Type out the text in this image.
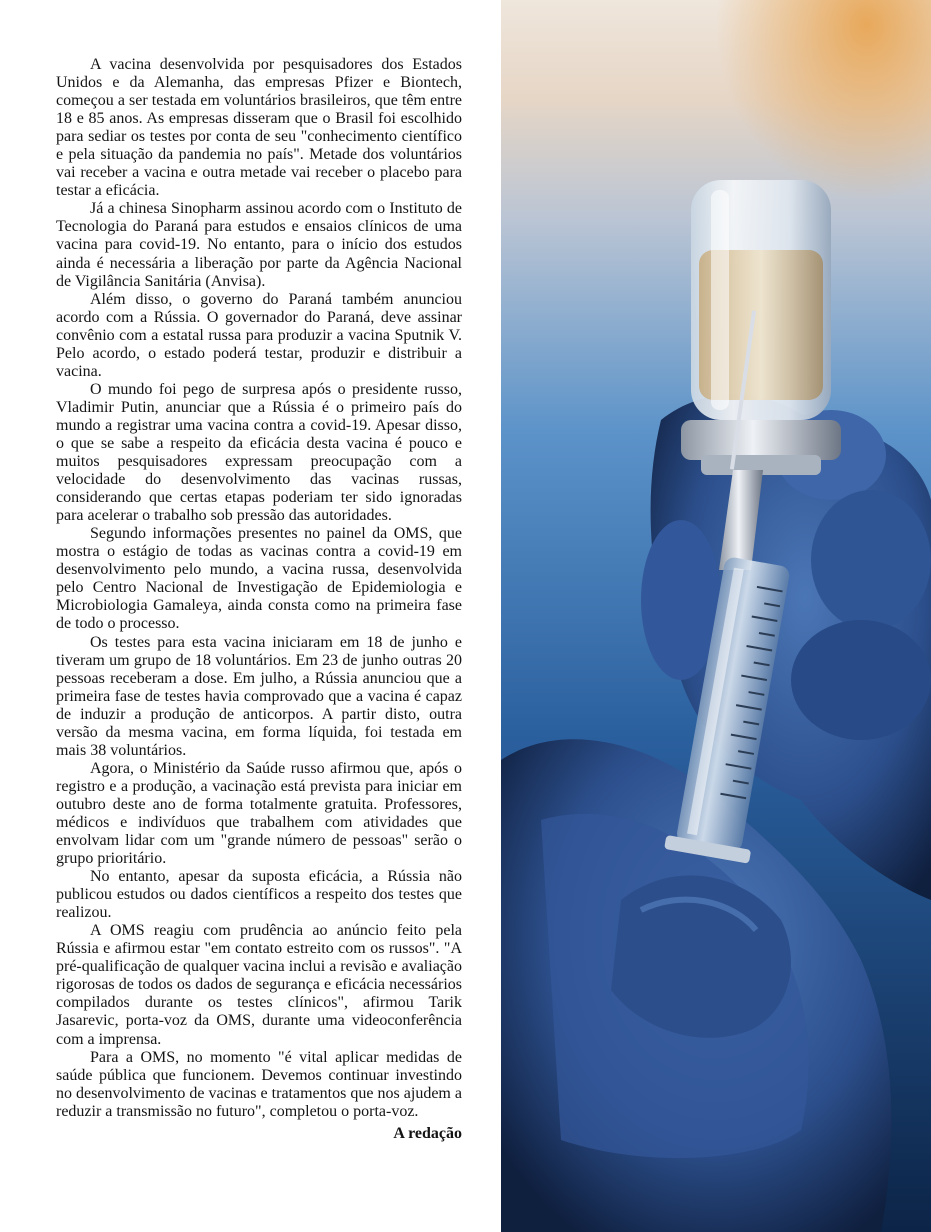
A vacina desenvolvida por pesquisadores dos Estados Unidos e da Alemanha, das empresas Pfizer e Biontech, começou a ser testada em voluntários brasileiros, que têm entre 18 e 85 anos. As empresas disseram que o Brasil foi escolhido para sediar os testes por conta de seu "conhecimento científico e pela situação da pandemia no país". Metade dos voluntários vai receber a vacina e outra metade vai receber o placebo para testar a eficácia.

Já a chinesa Sinopharm assinou acordo com o Instituto de Tecnologia do Paraná para estudos e ensaios clínicos de uma vacina para covid-19. No entanto, para o início dos estudos ainda é necessária a liberação por parte da Agência Nacional de Vigilância Sanitária (Anvisa).

Além disso, o governo do Paraná também anunciou acordo com a Rússia. O governador do Paraná, deve assinar convênio com a estatal russa para produzir a vacina Sputnik V. Pelo acordo, o estado poderá testar, produzir e distribuir a vacina.

O mundo foi pego de surpresa após o presidente russo, Vladimir Putin, anunciar que a Rússia é o primeiro país do mundo a registrar uma vacina contra a covid-19. Apesar disso, o que se sabe a respeito da eficácia desta vacina é pouco e muitos pesquisadores expressam preocupação com a velocidade do desenvolvimento das vacinas russas, considerando que certas etapas poderiam ter sido ignoradas para acelerar o trabalho sob pressão das autoridades.

Segundo informações presentes no painel da OMS, que mostra o estágio de todas as vacinas contra a covid-19 em desenvolvimento pelo mundo, a vacina russa, desenvolvida pelo Centro Nacional de Investigação de Epidemiologia e Microbiologia Gamaleya, ainda consta como na primeira fase de todo o processo.

Os testes para esta vacina iniciaram em 18 de junho e tiveram um grupo de 18 voluntários. Em 23 de junho outras 20 pessoas receberam a dose. Em julho, a Rússia anunciou que a primeira fase de testes havia comprovado que a vacina é capaz de induzir a produção de anticorpos. A partir disto, outra versão da mesma vacina, em forma líquida, foi testada em mais 38 voluntários.

Agora, o Ministério da Saúde russo afirmou que, após o registro e a produção, a vacinação está prevista para iniciar em outubro deste ano de forma totalmente gratuita. Professores, médicos e indivíduos que trabalhem com atividades que envolvam lidar com um "grande número de pessoas" serão o grupo prioritário.

No entanto, apesar da suposta eficácia, a Rússia não publicou estudos ou dados científicos a respeito dos testes que realizou.

A OMS reagiu com prudência ao anúncio feito pela Rússia e afirmou estar "em contato estreito com os russos". "A pré-qualificação de qualquer vacina inclui a revisão e avaliação rigorosas de todos os dados de segurança e eficácia necessários compilados durante os testes clínicos", afirmou Tarik Jasarevic, porta-voz da OMS, durante uma videoconferência com a imprensa.

Para a OMS, no momento "é vital aplicar medidas de saúde pública que funcionem. Devemos continuar investindo no desenvolvimento de vacinas e tratamentos que nos ajudem a reduzir a transmissão no futuro", completou o porta-voz.

A redação
